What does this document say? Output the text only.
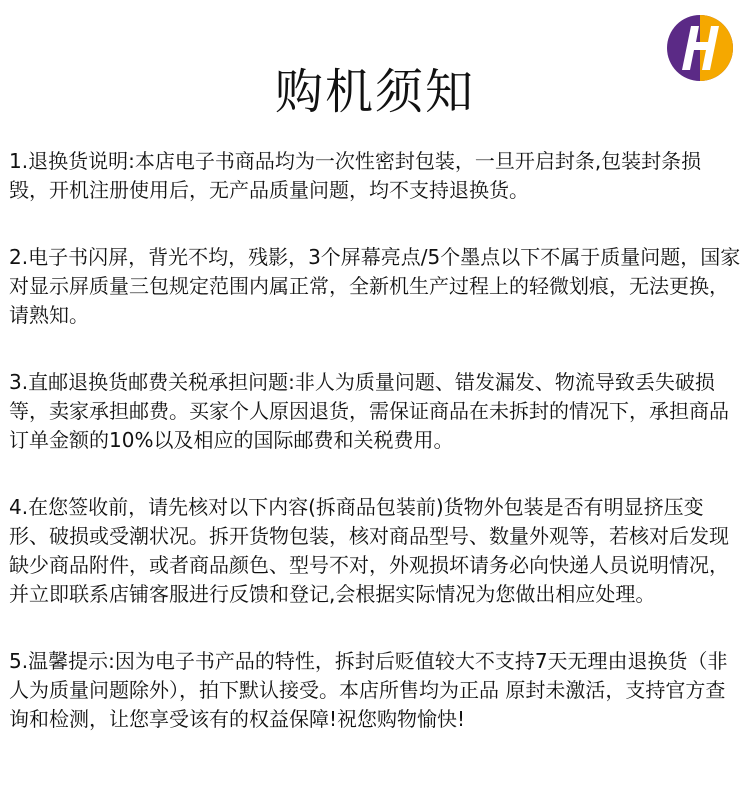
购机须知

1.退换货说明:本店电子书商品均为一次性密封包装，一旦开启封条,包装封条损毁，开机注册使用后，无产品质量问题，均不支持退换货。

2.电子书闪屏，背光不均，残影，3个屏幕亮点/5个墨点以下不属于质量问题，国家对显示屏质量三包规定范围内属正常，全新机生产过程上的轻微划痕，无法更换，请熟知。

3.直邮退换货邮费关税承担问题:非人为质量问题、错发漏发、物流导致丢失破损等，卖家承担邮费。买家个人原因退货，需保证商品在未拆封的情况下，承担商品订单金额的10%以及相应的国际邮费和关税费用。

4.在您签收前，请先核对以下内容(拆商品包装前)货物外包装是否有明显挤压变形、破损或受潮状况。拆开货物包装，核对商品型号、数量外观等，若核对后发现缺少商品附件，或者商品颜色、型号不对，外观损坏请务必向快递人员说明情况，并立即联系店铺客服进行反馈和登记,会根据实际情况为您做出相应处理。

5.温馨提示:因为电子书产品的特性，拆封后贬值较大不支持7天无理由退换货（非人为质量问题除外），拍下默认接受。本店所售均为正品 原封未激活，支持官方查询和检测，让您享受该有的权益保障!祝您购物愉快!
